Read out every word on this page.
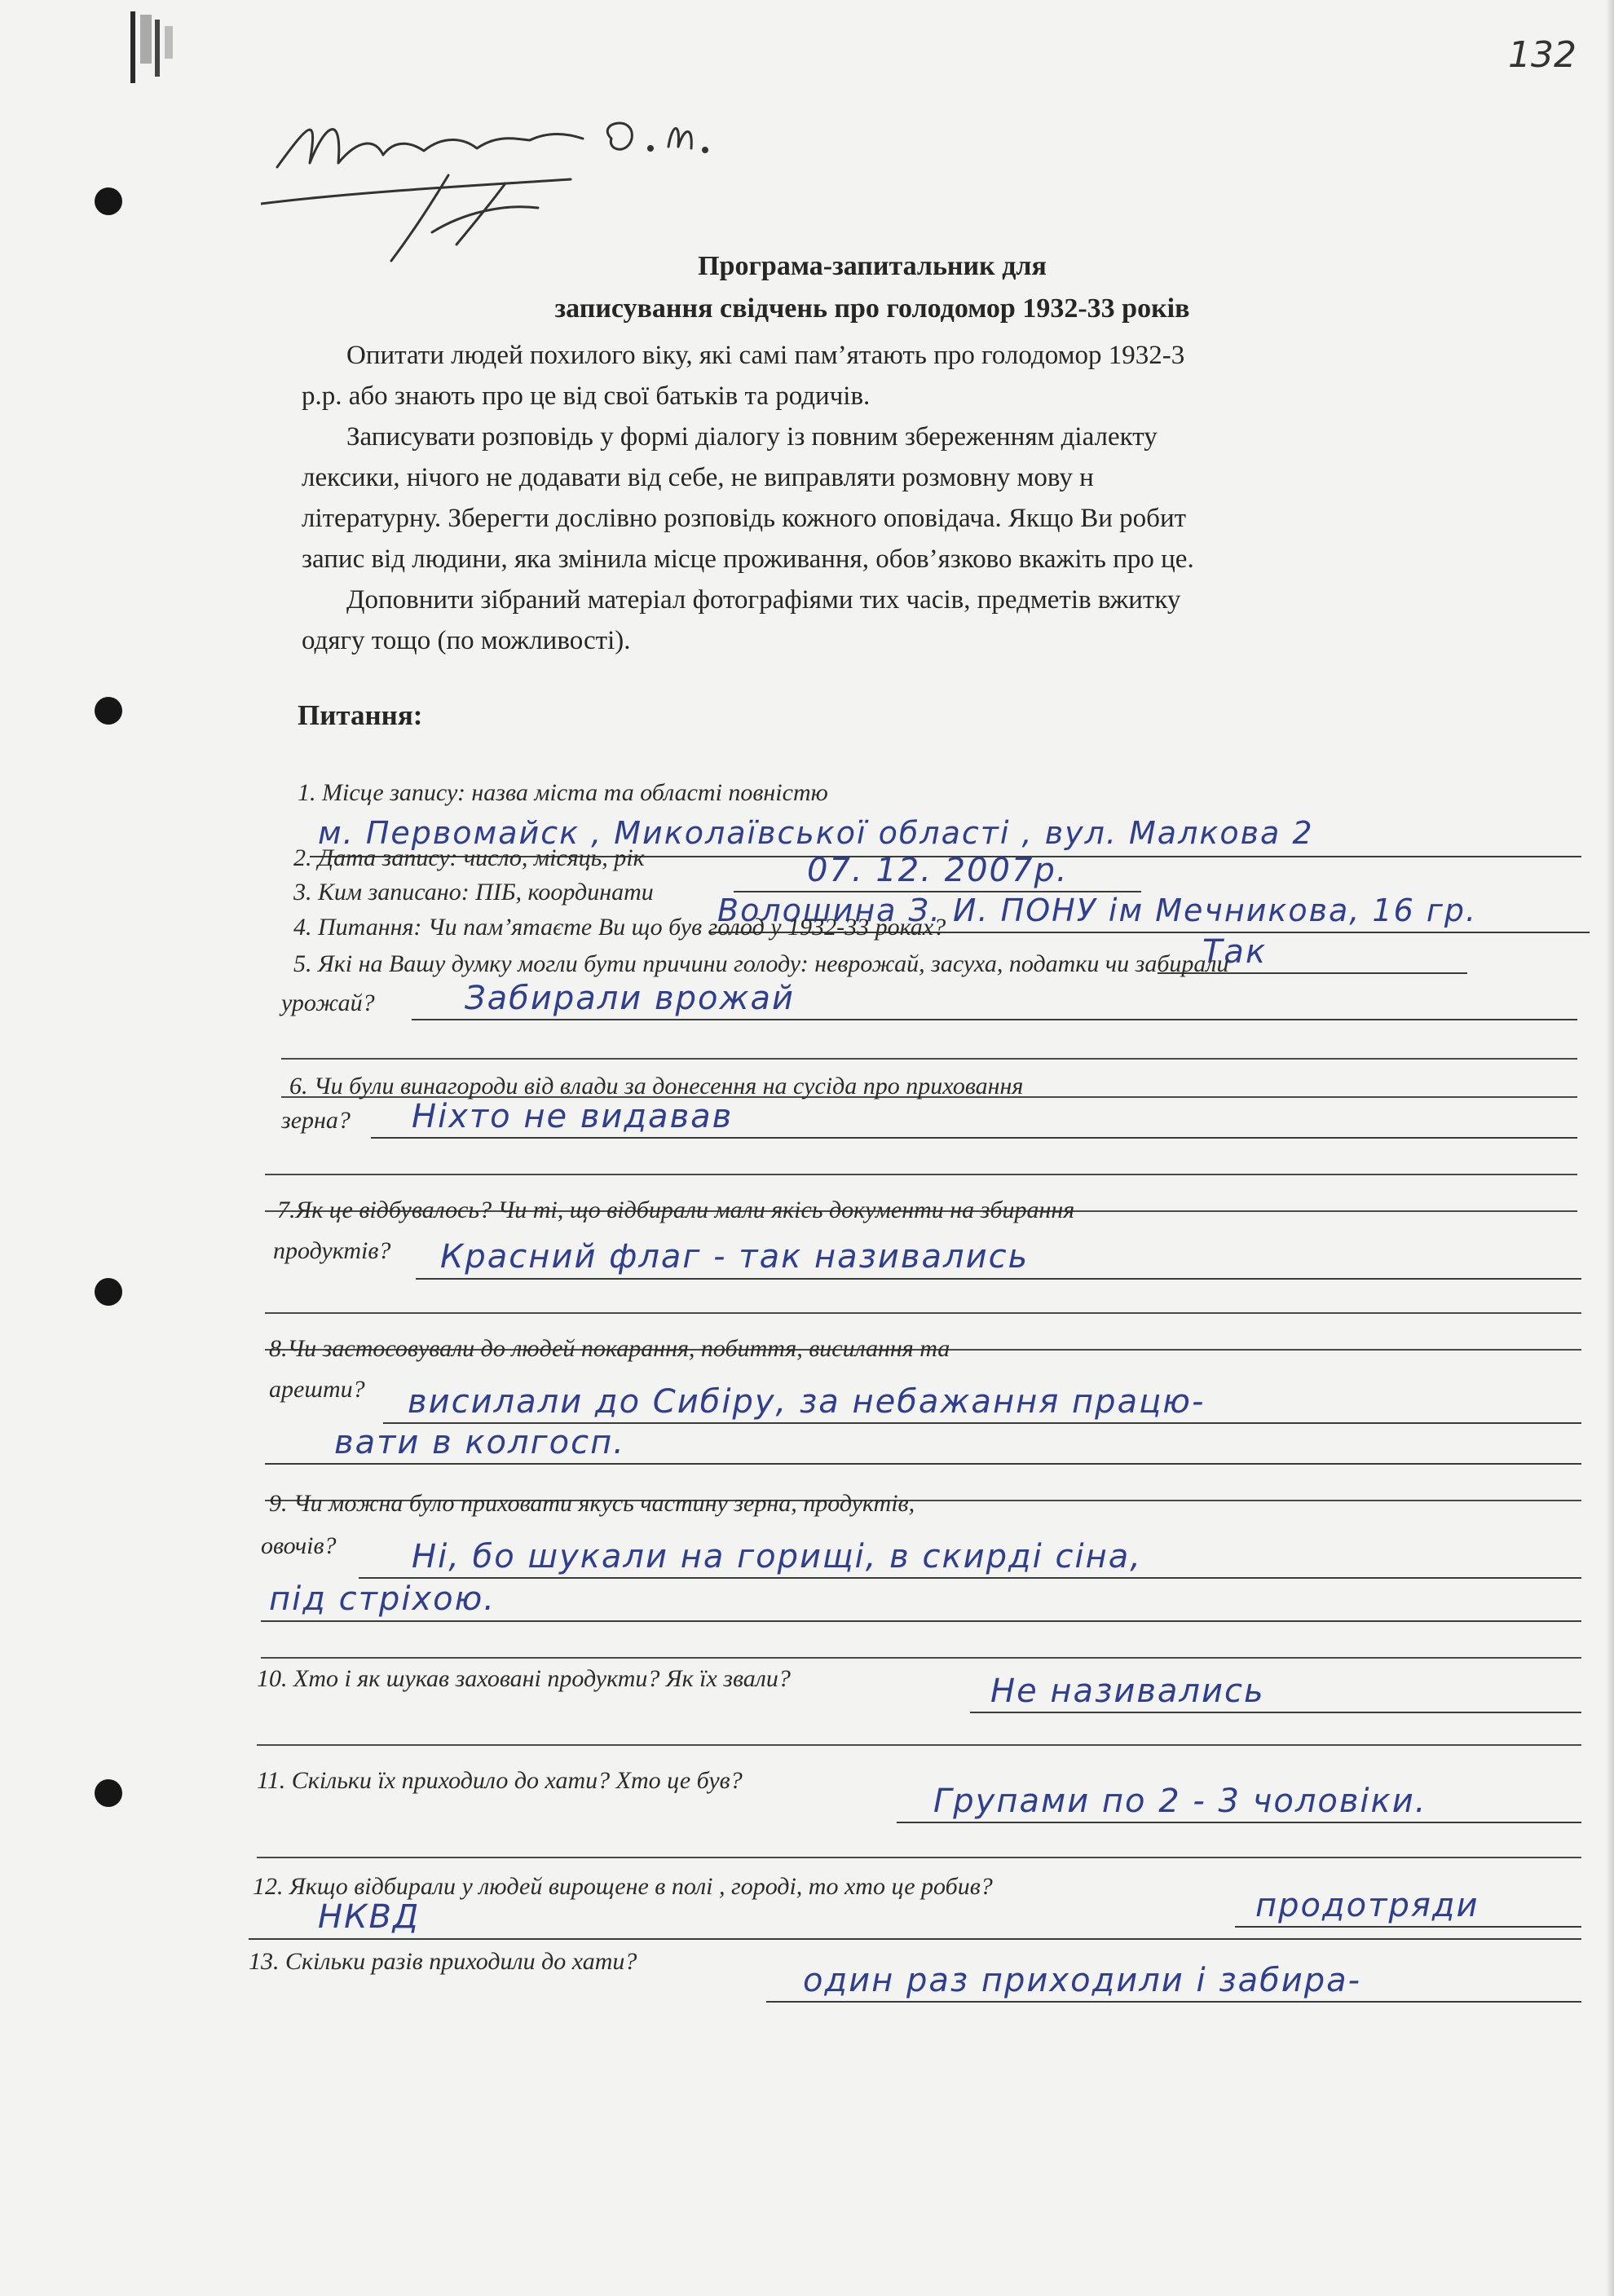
132
Програма-запитальник для
записування свідчень про голодомор 1932-33 років
Опитати людей похилого віку, які самі пам’ятають про голодомор 1932-3
р.р. або знають про це від свої батьків та родичів.
Записувати розповідь у формі діалогу із повним збереженням діалекту
лексики, нічого не додавати від себе, не виправляти розмовну мову н
літературну. Зберегти дослівно розповідь кожного оповідача. Якщо Ви робит
запис від людини, яка змінила місце проживання, обов’язково вкажіть про це.
Доповнити зібраний матеріал фотографіями тих часів, предметів вжитку
одягу тощо (по можливості).
Питання:
1. Місце запису: назва міста та області повністю
м. Первомайск , Миколаївської області , вул. Малкова 2
2. Дата запису: число, місяць, рік	07. 12. 2007р.
3. Ким записано: ПІБ, координати
Волошина З. И. ПОНУ ім Мечникова, 16 гр.
4. Питання: Чи пам’ятаєте Ви що був голод у 1932-33 роках?
Так
5. Які на Вашу думку могли бути причини голоду: неврожай, засуха, податки чи забирали
урожай?	Забирали врожай
6. Чи були винагороди від влади за донесення на сусіда про приховання
зерна? Ніхто не видавав
7.Як це відбувалось? Чи ті, що відбирали мали якісь документи на збирання
продуктів? Красний флаг - так називались
8.Чи застосовували до людей покарання, побиття, висилання та
арешти? висилали до Сибіру, за небажання працю-
вати в колгосп.
9. Чи можна було приховати якусь частину зерна, продуктів,
овочів? Ні, бо шукали на горищі, в скирді сіна,
під стріхою.
10. Хто і як шукав заховані продукти? Як їх звали?	Не називались
11. Скільки їх приходило до хати? Хто це був?
Групами по 2 - 3 чоловіки.
12. Якщо відбирали у людей вирощене в полі , городі, то хто це робив?
продотряди
НКВД
13. Скільки разів приходили до хати?
один раз приходили і забира-
